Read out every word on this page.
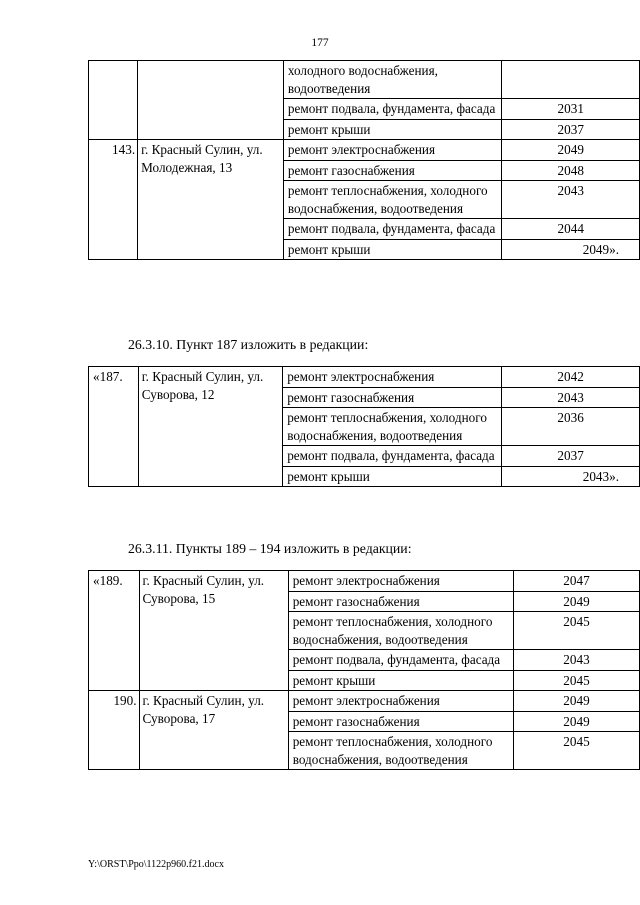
177
		холодного водоснабжения, водоотведения	
		ремонт подвала, фундамента, фасада	2031
		ремонт крыши	2037
143.	г. Красный Сулин, ул. Молодежная, 13	ремонт электроснабжения	2049
		ремонт газоснабжения	2048
		ремонт теплоснабжения, холодного водоснабжения, водоотведения	2043
		ремонт подвала, фундамента, фасада	2044
		ремонт крыши	2049».
26.3.10. Пункт 187 изложить в редакции:
«187.	г. Красный Сулин, ул. Суворова, 12	ремонт электроснабжения	2042
		ремонт газоснабжения	2043
		ремонт теплоснабжения, холодного водоснабжения, водоотведения	2036
		ремонт подвала, фундамента, фасада	2037
		ремонт крыши	2043».
26.3.11. Пункты 189 – 194 изложить в редакции:
«189.	г. Красный Сулин, ул. Суворова, 15	ремонт электроснабжения	2047
		ремонт газоснабжения	2049
		ремонт теплоснабжения, холодного водоснабжения, водоотведения	2045
		ремонт подвала, фундамента, фасада	2043
		ремонт крыши	2045
190.	г. Красный Сулин, ул. Суворова, 17	ремонт электроснабжения	2049
		ремонт газоснабжения	2049
		ремонт теплоснабжения, холодного водоснабжения, водоотведения	2045
Y:\ORST\Ppo\1122p960.f21.docx
